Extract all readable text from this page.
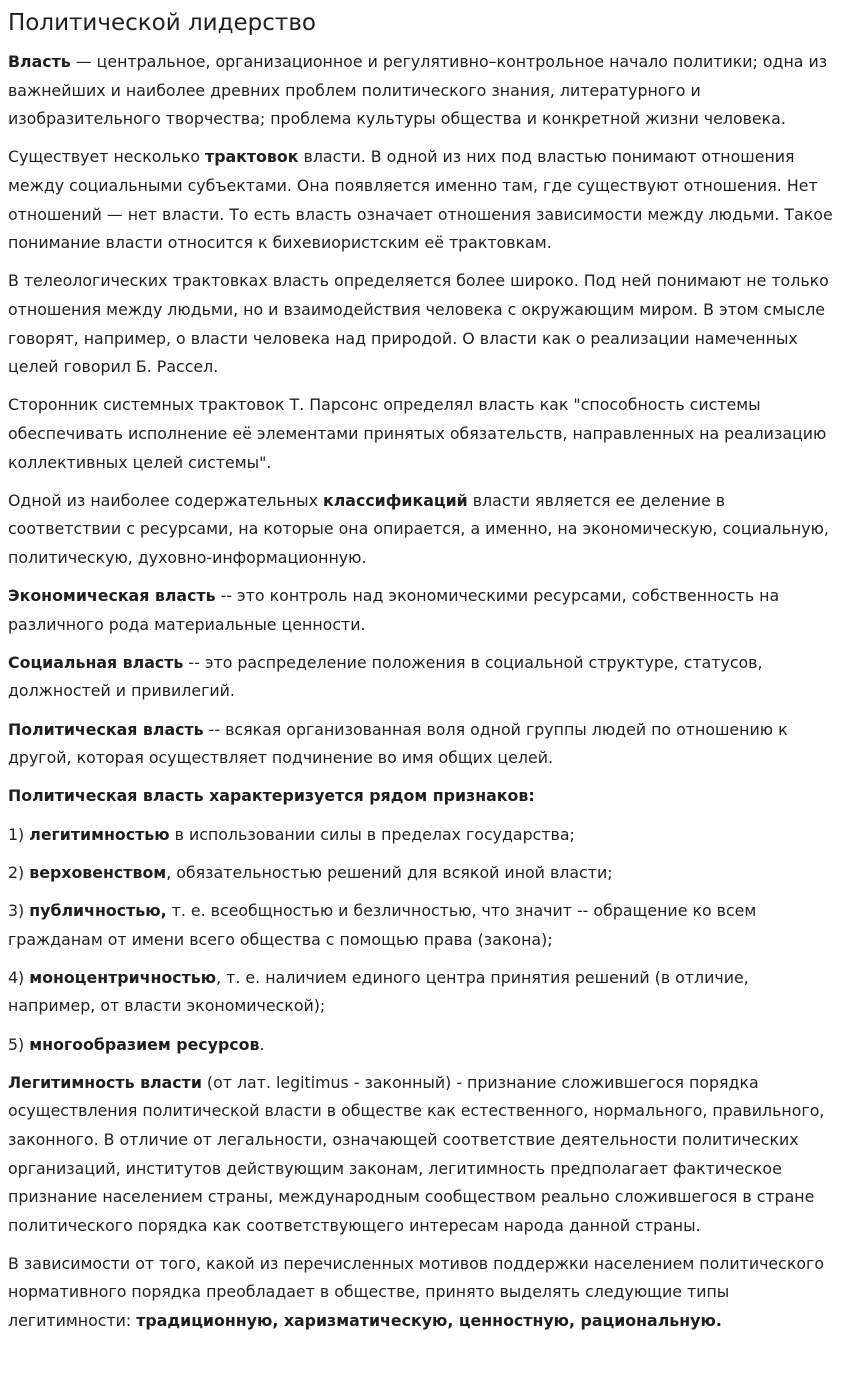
Политической лидерство

Власть — центральное, организационное и регулятивно–контрольное начало политики; одна из важнейших и наиболее древних проблем политического знания, литературного и изобразительного творчества; проблема культуры общества и конкретной жизни человека.

Существует несколько трактовок власти. В одной из них под властью понимают отношения между социальными субъектами. Она появляется именно там, где существуют отношения. Нет отношений — нет власти. То есть власть означает отношения зависимости между людьми. Такое понимание власти относится к бихевиористским её трактовкам.

В телеологических трактовках власть определяется более широко. Под ней понимают не только отношения между людьми, но и взаимодействия человека с окружающим миром. В этом смысле говорят, например, о власти человека над природой. О власти как о реализации намеченных целей говорил Б. Рассел.

Сторонник системных трактовок Т. Парсонс определял власть как "способность системы обеспечивать исполнение её элементами принятых обязательств, направленных на реализацию коллективных целей системы".

Одной из наиболее содержательных классификаций власти является ее деление в соответствии с ресурсами, на которые она опирается, а именно, на экономическую, социальную, политическую, духовно-информационную.

Экономическая власть -- это контроль над экономическими ресурсами, собственность на различного рода материальные ценности.

Социальная власть -- это распределение положения в социальной структуре, статусов, должностей и привилегий.

Политическая власть -- всякая организованная воля одной группы людей по отношению к другой, которая осуществляет подчинение во имя общих целей.

Политическая власть характеризуется рядом признаков:

1) легитимностью в использовании силы в пределах государства;

2) верховенством, обязательностью решений для всякой иной власти;

3) публичностью, т. е. всеобщностью и безличностью, что значит -- обращение ко всем гражданам от имени всего общества с помощью права (закона);

4) моноцентричностью, т. е. наличием единого центра принятия решений (в отличие, например, от власти экономической);

5) многообразием ресурсов.

Легитимность власти (от лат. legitimus - законный) - признание сложившегося порядка осуществления политической власти в обществе как естественного, нормального, правильного, законного. В отличие от легальности, означающей соответствие деятельности политических организаций, институтов действующим законам, легитимность предполагает фактическое признание населением страны, международным сообществом реально сложившегося в стране политического порядка как соответствующего интересам народа данной страны.

В зависимости от того, какой из перечисленных мотивов поддержки населением политического нормативного порядка преобладает в обществе, принято выделять следующие типы легитимности: традиционную, харизматическую, ценностную, рациональную.
